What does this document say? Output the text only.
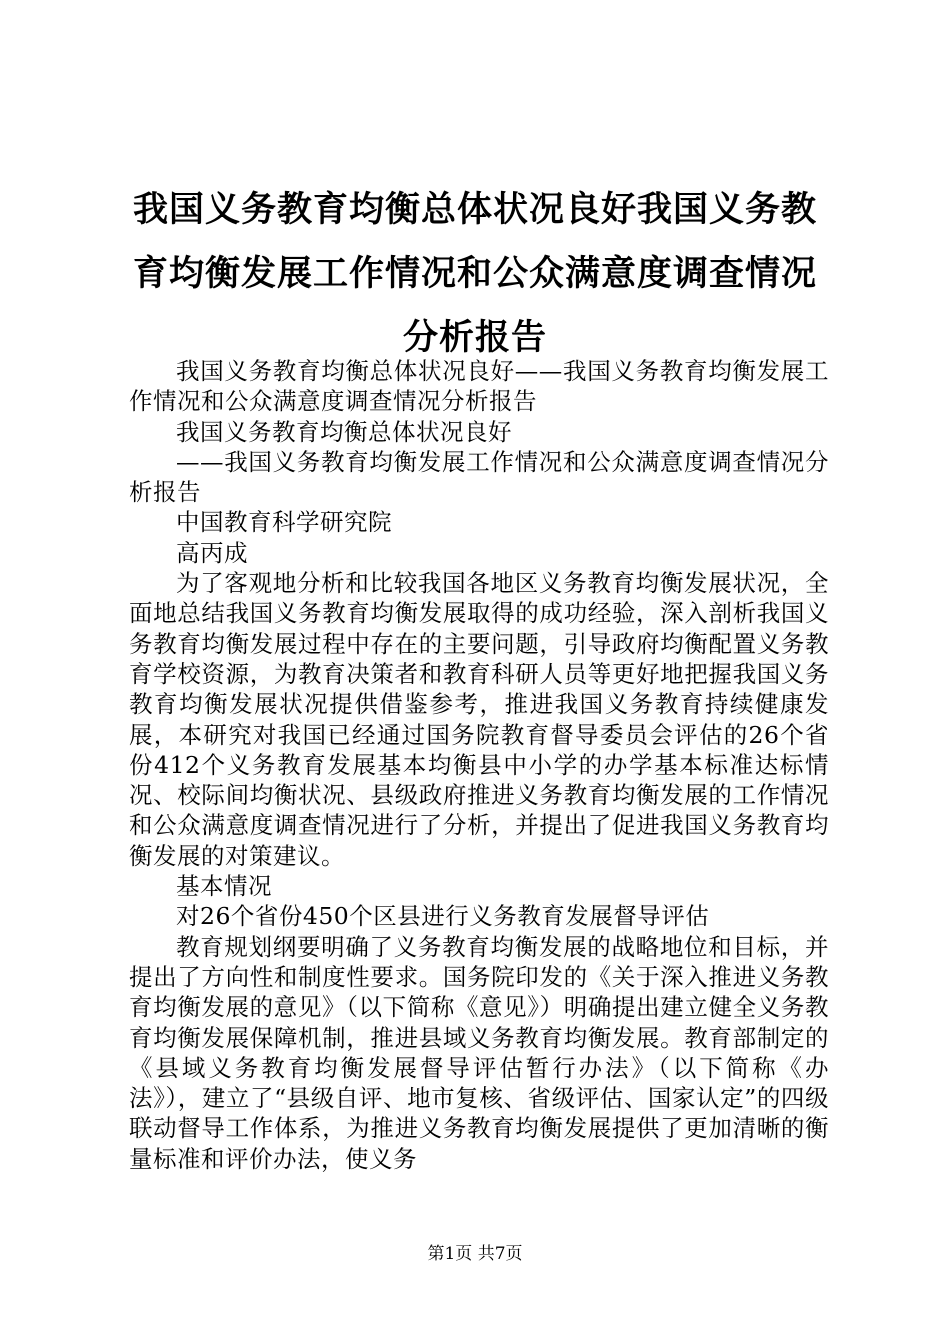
我国义务教育均衡总体状况良好我国义务教育均衡发展工作情况和公众满意度调查情况分析报告

我国义务教育均衡总体状况良好——我国义务教育均衡发展工作情况和公众满意度调查情况分析报告

我国义务教育均衡总体状况良好

——我国义务教育均衡发展工作情况和公众满意度调查情况分析报告

中国教育科学研究院

高丙成

为了客观地分析和比较我国各地区义务教育均衡发展状况，全面地总结我国义务教育均衡发展取得的成功经验，深入剖析我国义务教育均衡发展过程中存在的主要问题，引导政府均衡配置义务教育学校资源，为教育决策者和教育科研人员等更好地把握我国义务教育均衡发展状况提供借鉴参考，推进我国义务教育持续健康发展，本研究对我国已经通过国务院教育督导委员会评估的26个省份412个义务教育发展基本均衡县中小学的办学基本标准达标情况、校际间均衡状况、县级政府推进义务教育均衡发展的工作情况和公众满意度调查情况进行了分析，并提出了促进我国义务教育均衡发展的对策建议。

基本情况

对26个省份450个区县进行义务教育发展督导评估

教育规划纲要明确了义务教育均衡发展的战略地位和目标，并提出了方向性和制度性要求。国务院印发的《关于深入推进义务教育均衡发展的意见》（以下简称《意见》）明确提出建立健全义务教育均衡发展保障机制，推进县域义务教育均衡发展。教育部制定的《县域义务教育均衡发展督导评估暂行办法》（以下简称《办法》），建立了“县级自评、地市复核、省级评估、国家认定”的四级联动督导工作体系，为推进义务教育均衡发展提供了更加清晰的衡量标准和评价办法，使义务

第1页 共7页
